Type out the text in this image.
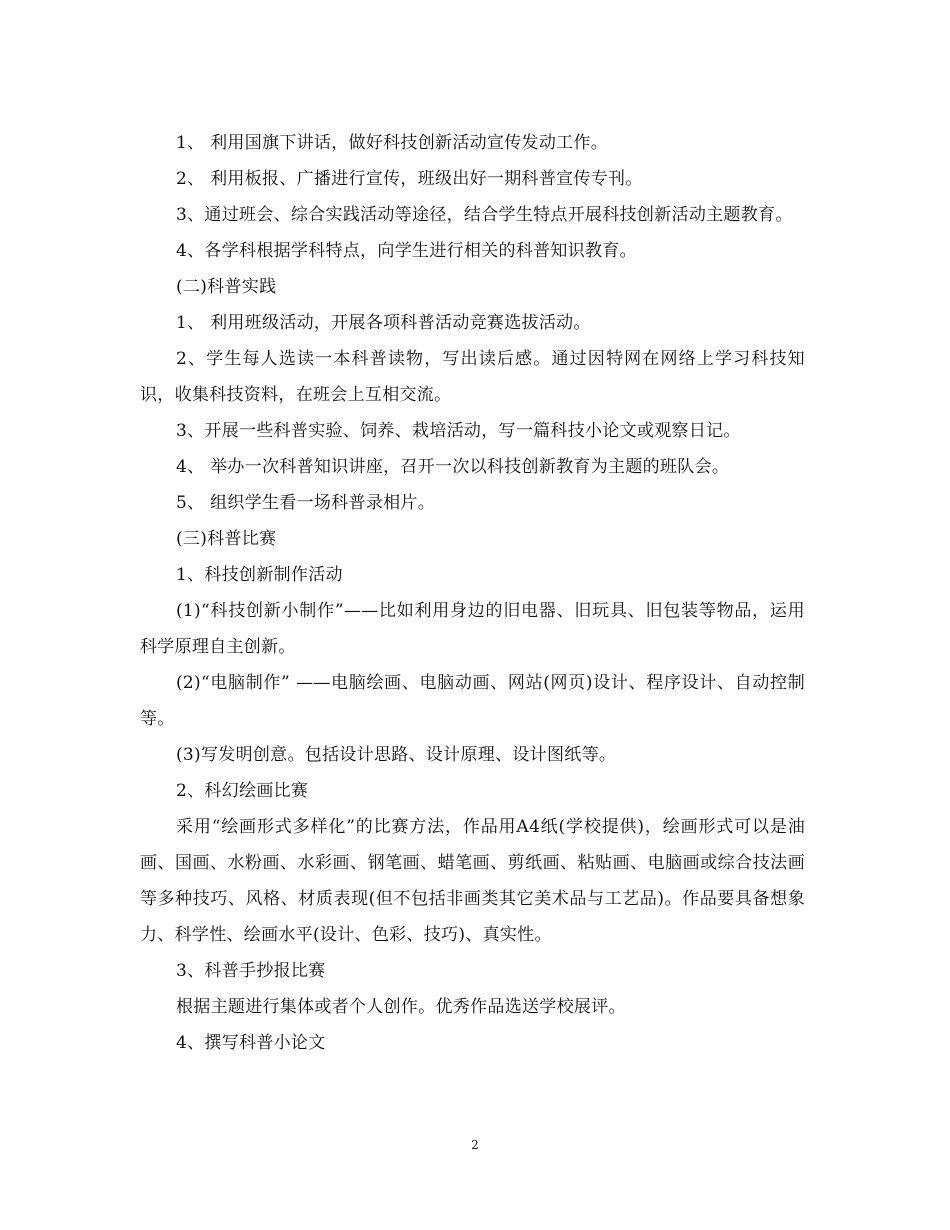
1、 利用国旗下讲话，做好科技创新活动宣传发动工作。

2、 利用板报、广播进行宣传，班级出好一期科普宣传专刊。

3、通过班会、综合实践活动等途径，结合学生特点开展科技创新活动主题教育。

4、各学科根据学科特点，向学生进行相关的科普知识教育。

(二)科普实践

1、 利用班级活动，开展各项科普活动竞赛选拔活动。

2、学生每人选读一本科普读物，写出读后感。通过因特网在网络上学习科技知识，收集科技资料，在班会上互相交流。

3、开展一些科普实验、饲养、栽培活动，写一篇科技小论文或观察日记。

4、 举办一次科普知识讲座，召开一次以科技创新教育为主题的班队会。

5、 组织学生看一场科普录相片。

(三)科普比赛

1、科技创新制作活动

(1)“科技创新小制作”——比如利用身边的旧电器、旧玩具、旧包装等物品，运用科学原理自主创新。

(2)“电脑制作” ——电脑绘画、电脑动画、网站(网页)设计、程序设计、自动控制等。

(3)写发明创意。包括设计思路、设计原理、设计图纸等。

2、科幻绘画比赛

采用“绘画形式多样化”的比赛方法，作品用A4纸(学校提供)，绘画形式可以是油画、国画、水粉画、水彩画、钢笔画、蜡笔画、剪纸画、粘贴画、电脑画或综合技法画等多种技巧、风格、材质表现(但不包括非画类其它美术品与工艺品)。作品要具备想象力、科学性、绘画水平(设计、色彩、技巧)、真实性。

3、科普手抄报比赛

根据主题进行集体或者个人创作。优秀作品选送学校展评。

4、撰写科普小论文

2
